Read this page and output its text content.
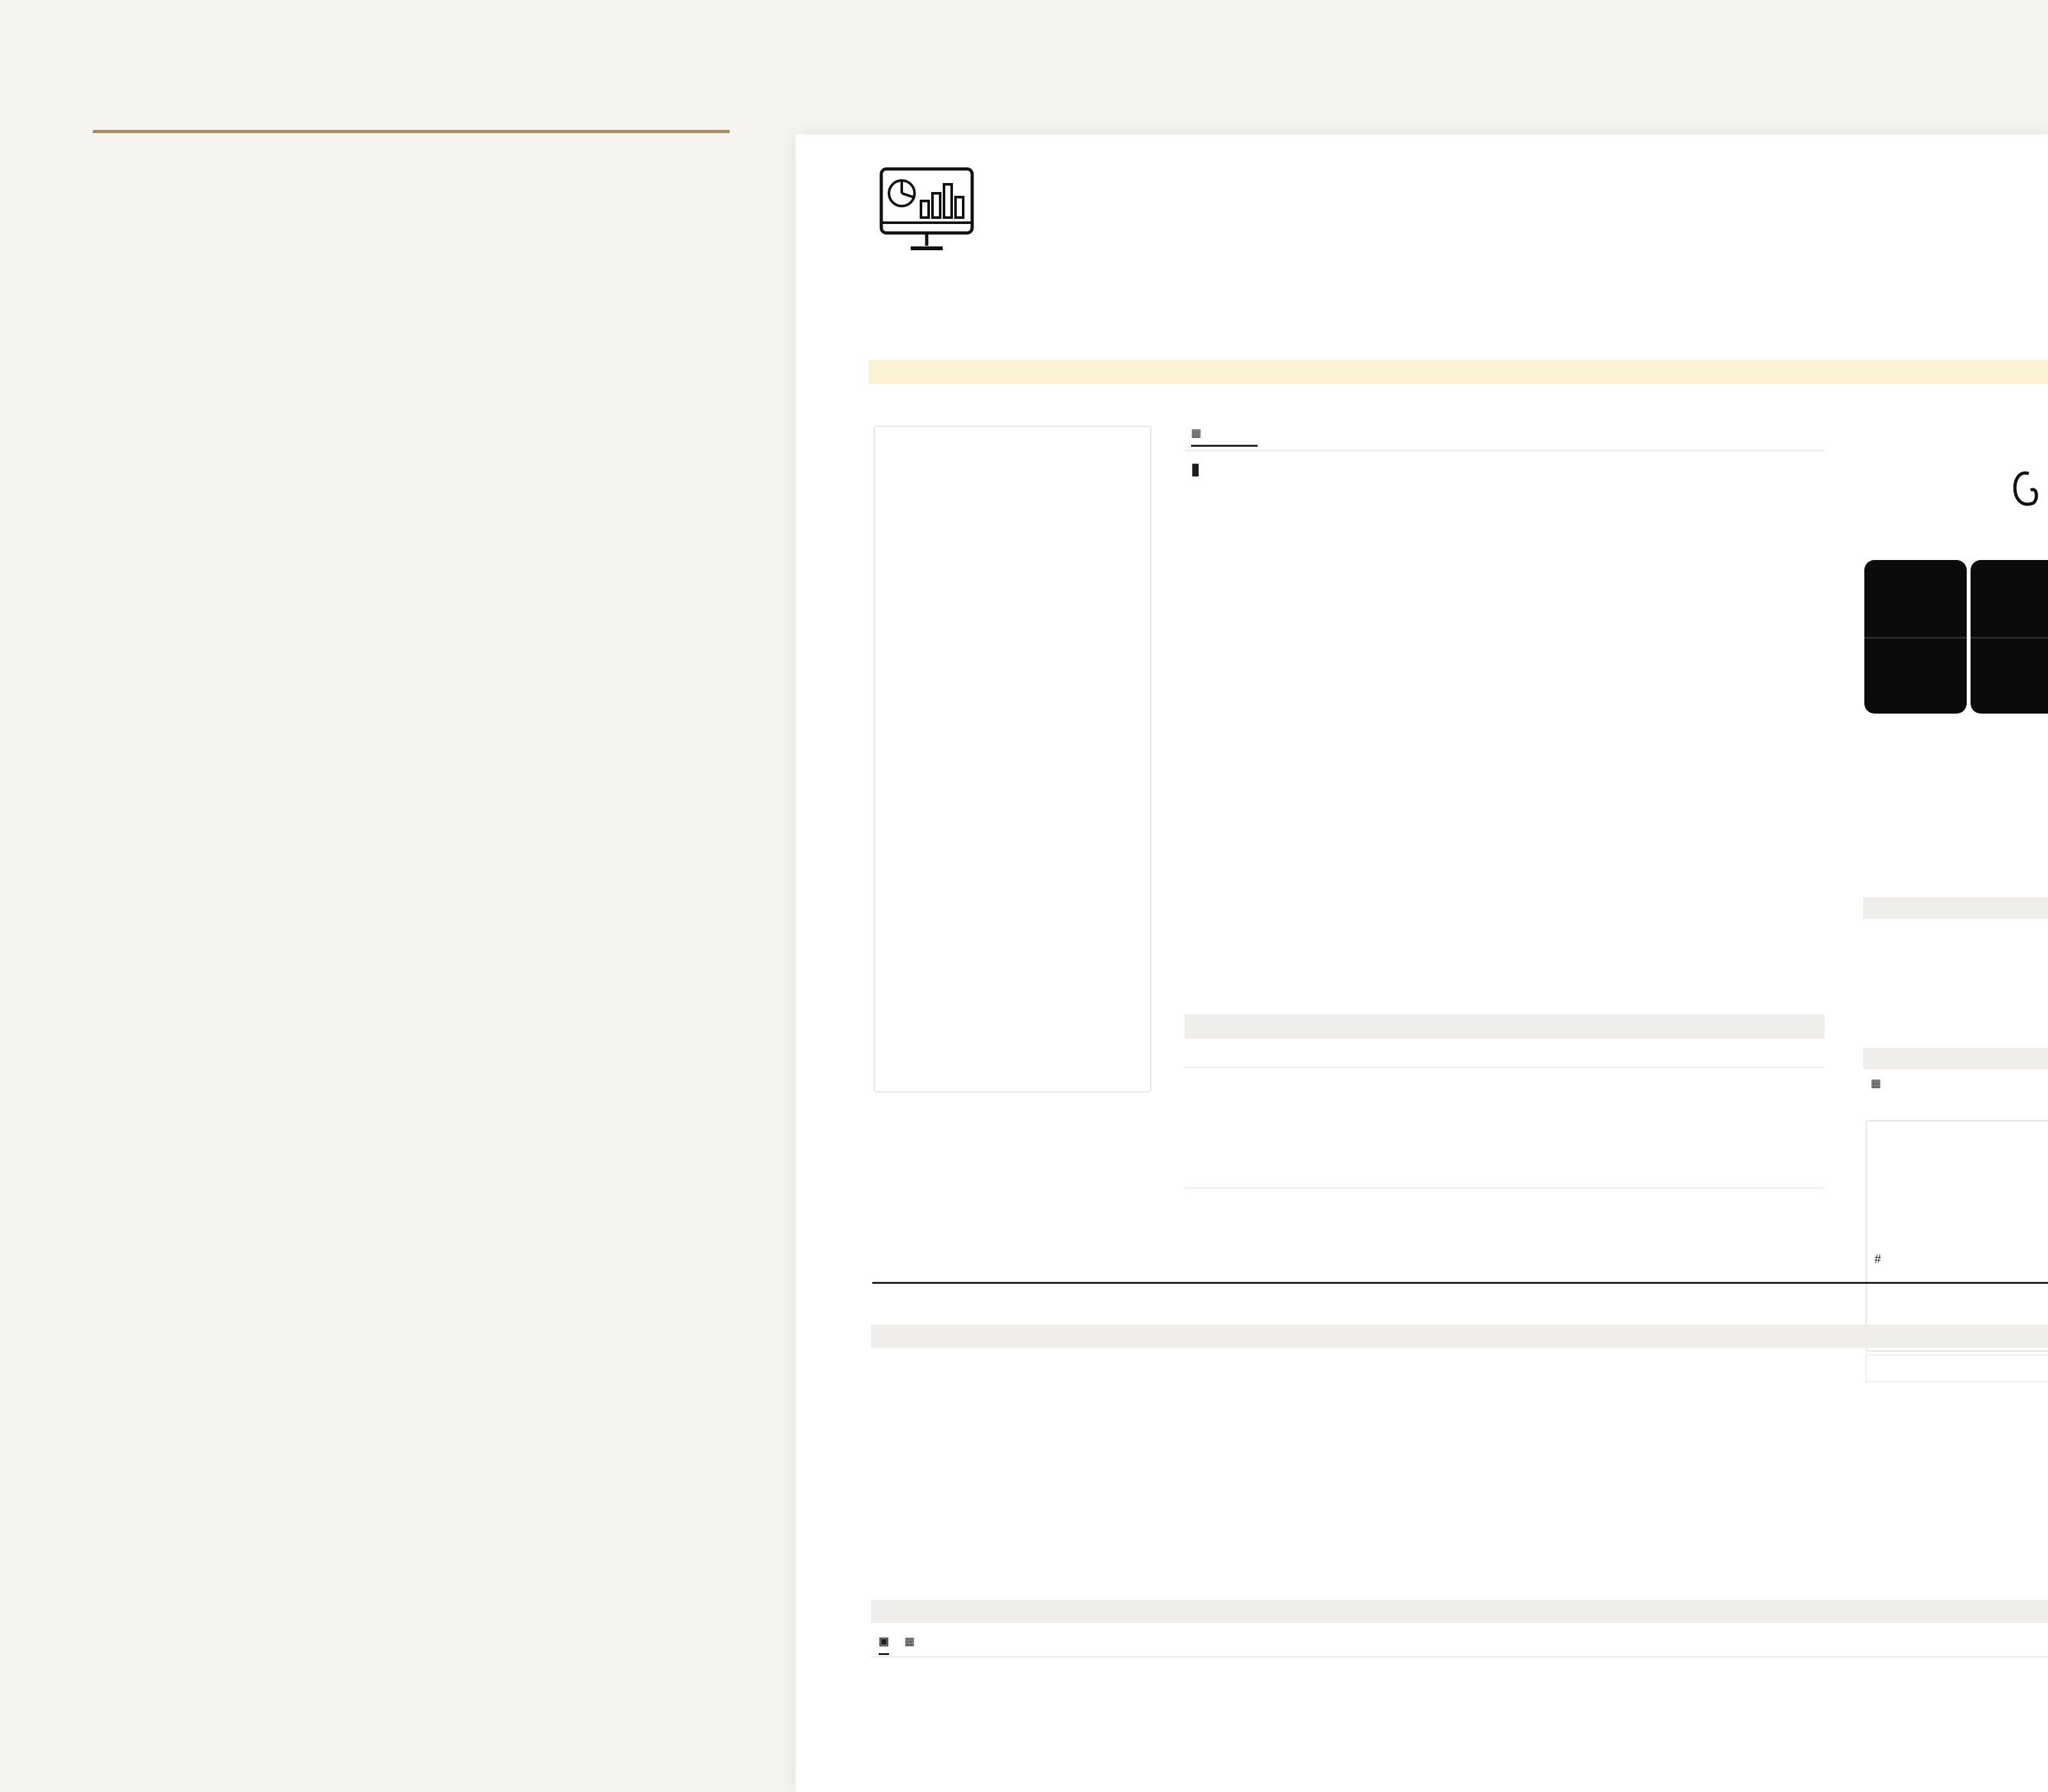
▦
▮
▦
#
▣ ▦
